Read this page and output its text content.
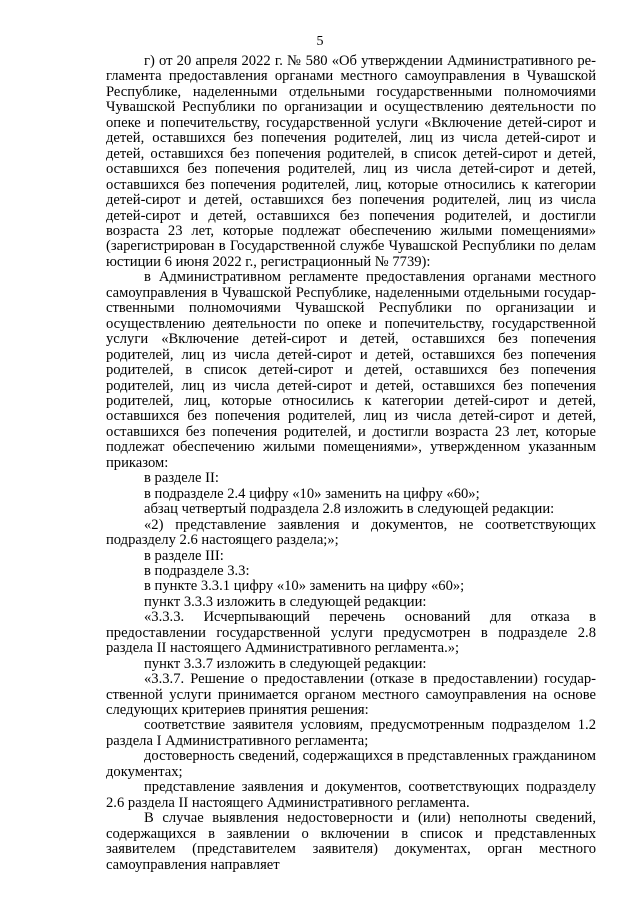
5

г) от 20 апреля 2022 г. № 580 «Об утверждении Административного регламента предоставления органами местного самоуправления в Чувашской Республике, наделенными отдельными государственными полномочиями Чувашской Республики по организации и осуществлению деятельности по опеке и попечительству, государственной услуги «Включение детей-сирот и детей, оставшихся без попечения родителей, лиц из числа детей-сирот и детей, оставшихся без попечения родителей, в список детей-сирот и детей, оставшихся без попечения родителей, лиц из числа детей-сирот и детей, оставшихся без попечения родителей, лиц, которые относились к категории детей-сирот и детей, оставшихся без попечения родителей, лиц из числа детей-сирот и детей, оставшихся без попечения родителей, и достигли возраста 23 лет, которые подлежат обеспечению жилыми помещениями» (зарегистрирован в Государственной службе Чувашской Республики по делам юстиции 6 июня 2022 г., регистрационный № 7739):

в Административном регламенте предоставления органами местного самоуправления в Чувашской Республике, наделенными отдельными государственными полномочиями Чувашской Республики по организации и осуществлению деятельности по опеке и попечительству, государственной услуги «Включение детей-сирот и детей, оставшихся без попечения родителей, лиц из числа детей-сирот и детей, оставшихся без попечения родителей, в список детей-сирот и детей, оставшихся без попечения родителей, лиц из числа детей-сирот и детей, оставшихся без попечения родителей, лиц, которые относились к категории детей-сирот и детей, оставшихся без попечения родителей, лиц из числа детей-сирот и детей, оставшихся без попечения родителей, и достигли возраста 23 лет, которые подлежат обеспечению жилыми помещениями», утвержденном указанным приказом:

в разделе II:

в подразделе 2.4 цифру «10» заменить на цифру «60»;

абзац четвертый подраздела 2.8 изложить в следующей редакции:

«2) представление заявления и документов, не соответствующих подразделу 2.6 настоящего раздела;»;

в разделе III:

в подразделе 3.3:

в пункте 3.3.1 цифру «10» заменить на цифру «60»;

пункт 3.3.3 изложить в следующей редакции:

«3.3.3. Исчерпывающий перечень оснований для отказа в предоставлении государственной услуги предусмотрен в подразделе 2.8 раздела II настоящего Административного регламента.»;

пункт 3.3.7 изложить в следующей редакции:

«3.3.7. Решение о предоставлении (отказе в предоставлении) государственной услуги принимается органом местного самоуправления на основе следующих критериев принятия решения:

соответствие заявителя условиям, предусмотренным подразделом 1.2 раздела I Административного регламента;

достоверность сведений, содержащихся в представленных гражданином документах;

представление заявления и документов, соответствующих подразделу 2.6 раздела II настоящего Административного регламента.

В случае выявления недостоверности и (или) неполноты сведений, содержащихся в заявлении о включении в список и представленных заявителем (представителем заявителя) документах, орган местного самоуправления направляет
